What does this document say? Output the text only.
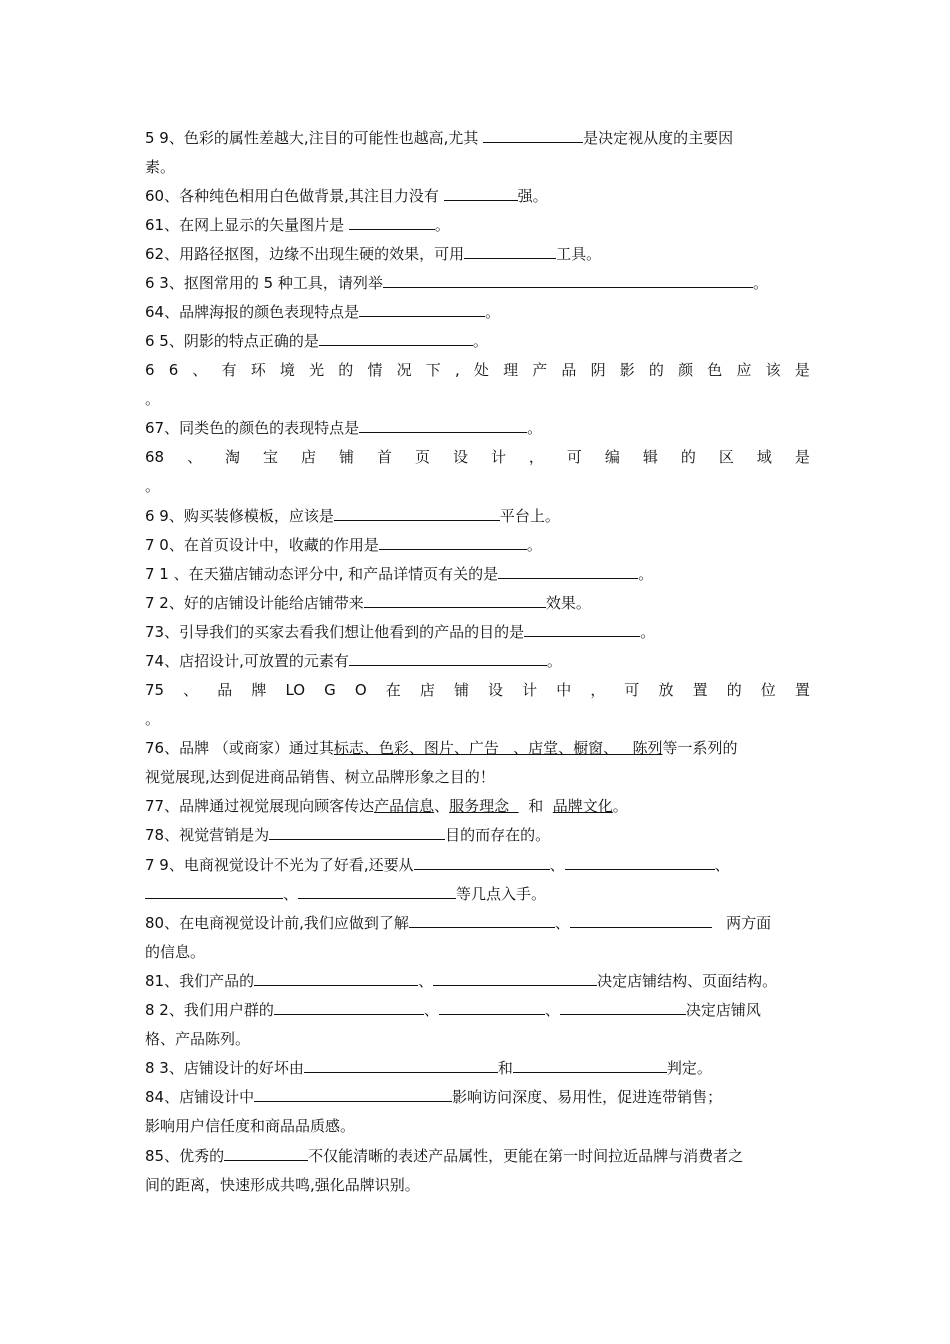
5 9、色彩的属性差越大,注目的可能性也越高,尤其	是决定视从度的主要因
素。
60、各种纯色相用白色做背景,其注目力没有	强。
61、在网上显示的矢量图片是	。
62、用路径抠图，边缘不出现生硬的效果，可用	工具。
6 3、抠图常用的 5 种工具，请列举	。
64、品牌海报的颜色表现特点是	。
6 5、阴影的特点正确的是	。
6 6 、 有 环 境 光 的 情 况 下 , 处 理 产 品 阴 影 的 颜 色 应 该 是
。
67、同类色的颜色的表现特点是	。
68 、 淘 宝 店 铺 首 页 设 计 ， 可 编 辑 的 区 域 是
。
6 9、购买装修模板，应该是	平台上。
7 0、在首页设计中，收藏的作用是	。
7 1 、在天猫店铺动态评分中, 和产品详情页有关的是	。
7 2、好的店铺设计能给店铺带来	效果。
73、引导我们的买家去看我们想让他看到的产品的目的是	。
74、店招设计,可放置的元素有	。
75 、 品 牌 LO G O 在 店 铺 设 计 中 ， 可 放 置 的 位 置
。
76、品牌 （或商家）通过其标志、色彩、图片、广告   、店堂、橱窗、   陈列等一系列的
视觉展现,达到促进商品销售、树立品牌形象之目的！
77、品牌通过视觉展现向顾客传达产品信息、服务理念    和  品牌文化。
78、视觉营销是为	目的而存在的。
7 9、电商视觉设计不光为了好看,还要从	、	、
、	等几点入手。
80、在电商视觉设计前,我们应做到了解	、	两方面
的信息。
81、我们产品的	、	决定店铺结构、页面结构。
8 2、我们用户群的	、	、	决定店铺风
格、产品陈列。
8 3、店铺设计的好坏由	和	判定。
84、店铺设计中	影响访问深度、易用性，促进连带销售；
影响用户信任度和商品品质感。
85、优秀的	不仅能清晰的表述产品属性，更能在第一时间拉近品牌与消费者之
间的距离，快速形成共鸣,强化品牌识别。
